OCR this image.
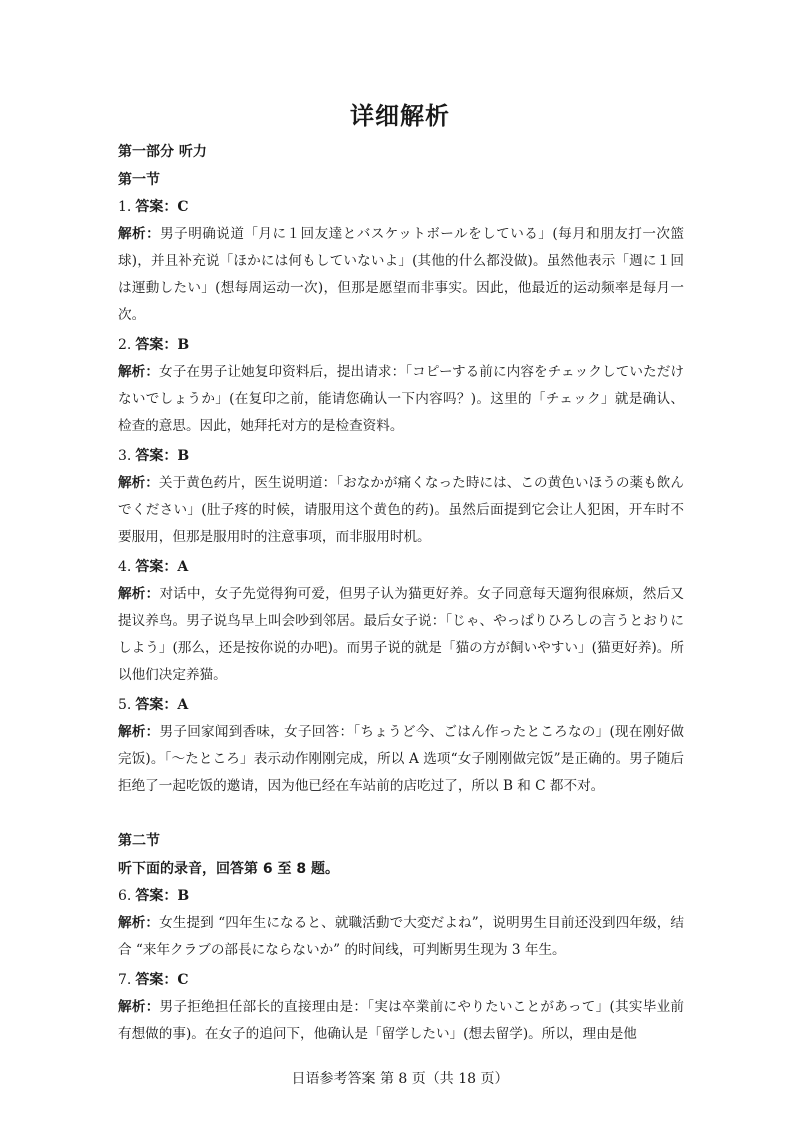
详细解析

第一部分 听力

第一节

1. 答案：C

解析：男子明确说道「月に１回友達とバスケットボールをしている」(每月和朋友打一次篮球)，并且补充说「ほかには何もしていないよ」(其他的什么都没做)。虽然他表示「週に１回は運動したい」(想每周运动一次)，但那是愿望而非事实。因此，他最近的运动频率是每月一次。

2. 答案：B

解析：女子在男子让她复印资料后，提出请求：「コピーする前に内容をチェックしていただけないでしょうか」(在复印之前，能请您确认一下内容吗？)。这里的「チェック」就是确认、检查的意思。因此，她拜托对方的是检查资料。

3. 答案：B

解析：关于黄色药片，医生说明道：「おなかが痛くなった時には、この黄色いほうの薬も飲んでください」(肚子疼的时候，请服用这个黄色的药)。虽然后面提到它会让人犯困，开车时不要服用，但那是服用时的注意事项，而非服用时机。

4. 答案：A

解析：对话中，女子先觉得狗可爱，但男子认为猫更好养。女子同意每天遛狗很麻烦，然后又提议养鸟。男子说鸟早上叫会吵到邻居。最后女子说：「じゃ、やっぱりひろしの言うとおりにしよう」(那么，还是按你说的办吧)。而男子说的就是「猫の方が飼いやすい」(猫更好养)。所以他们决定养猫。

5. 答案：A

解析：男子回家闻到香味，女子回答：「ちょうど今、ごはん作ったところなの」(现在刚好做完饭)。「～たところ」表示动作刚刚完成，所以 A 选项“女子刚刚做完饭”是正确的。男子随后拒绝了一起吃饭的邀请，因为他已经在车站前的店吃过了，所以 B 和 C 都不对。

第二节

听下面的录音，回答第 6 至 8 题。

6. 答案：B

解析：女生提到 “四年生になると、就職活動で大変だよね”，说明男生目前还没到四年级，结合 “来年クラブの部長にならないか” 的时间线，可判断男生现为 3 年生。

7. 答案：C

解析：男子拒绝担任部长的直接理由是：「実は卒業前にやりたいことがあって」(其实毕业前有想做的事)。在女子的追问下，他确认是「留学したい」(想去留学)。所以，理由是他

日语参考答案 第 8 页（共 18 页）
